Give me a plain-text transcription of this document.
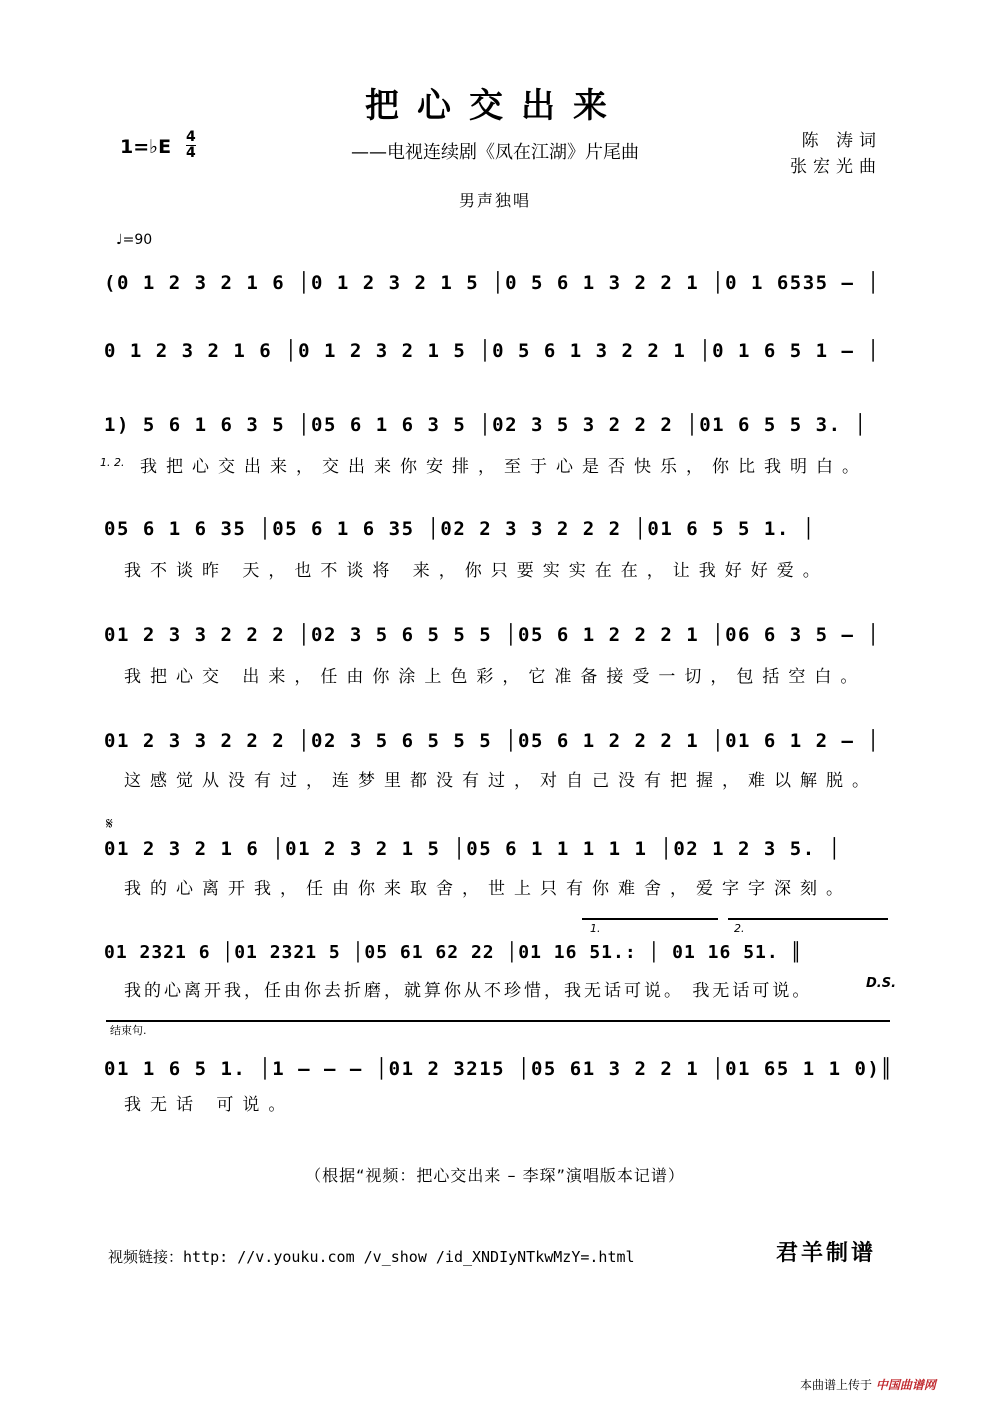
把心交出来
——电视连续剧《凤在江湖》片尾曲
陈 涛词
张宏光曲
1=♭E 4
4
男声独唱
♩=90
(0 1 2 3 2 1 6 │0 1 2 3 2 1 5 │0 5 6 1 3 2 2 1 │0 1 6535 – │
0 1 2 3 2 1 6 │0 1 2 3 2 1 5 │0 5 6 1 3 2 2 1 │0 1 6 5 1 – │
1. 2.
1) 5 6 1 6 3 5 │05 6 1 6 3 5 │02 3 5 3 2 2 2 │01 6 5 5 3. │
我把心交出来，交出来你安排，至于心是否快乐，你比我明白。
05 6 1 6 35 │05 6 1 6 35 │02 2 3 3 2 2 2 │01 6 5 5 1. │
我不谈昨 天，也不谈将 来，你只要实实在在，让我好好爱。
01 2 3 3 2 2 2 │02 3 5 6 5 5 5 │05 6 1 2 2 2 1 │06 6 3 5 – │
我把心交 出来，任由你涂上色彩，它准备接受一切，包括空白。
01 2 3 3 2 2 2 │02 3 5 6 5 5 5 │05 6 1 2 2 2 1 │01 6 1 2 – │
这感觉从没有过，连梦里都没有过，对自己没有把握，难以解脱。
𝄋
01 2 3 2 1 6 │01 2 3 2 1 5 │05 6 1 1 1 1 1 │02 1 2 3 5. │
我的心离开我，任由你来取舍，世上只有你难舍，爱字字深刻。
1.	2.
01 2321 6 │01 2321 5 │05 61 62 22 │01 16 51.: │ 01 16 51. ║
我的心离开我，任由你去折磨，就算你从不珍惜，我无话可说。 我无话可说。	D.S.
结束句.
01 1 6 5 1. │1 – – – │01 2 3215 │05 61 3 2 2 1 │01 65 1 1 0)║
我无话 可说。
（根据“视频：把心交出来 – 李琛”演唱版本记谱）
视频链接：http: //v.youku.com /v_show /id_XNDIyNTkwMzY=.html	君羊制谱
本曲谱上传于 中国曲谱网
